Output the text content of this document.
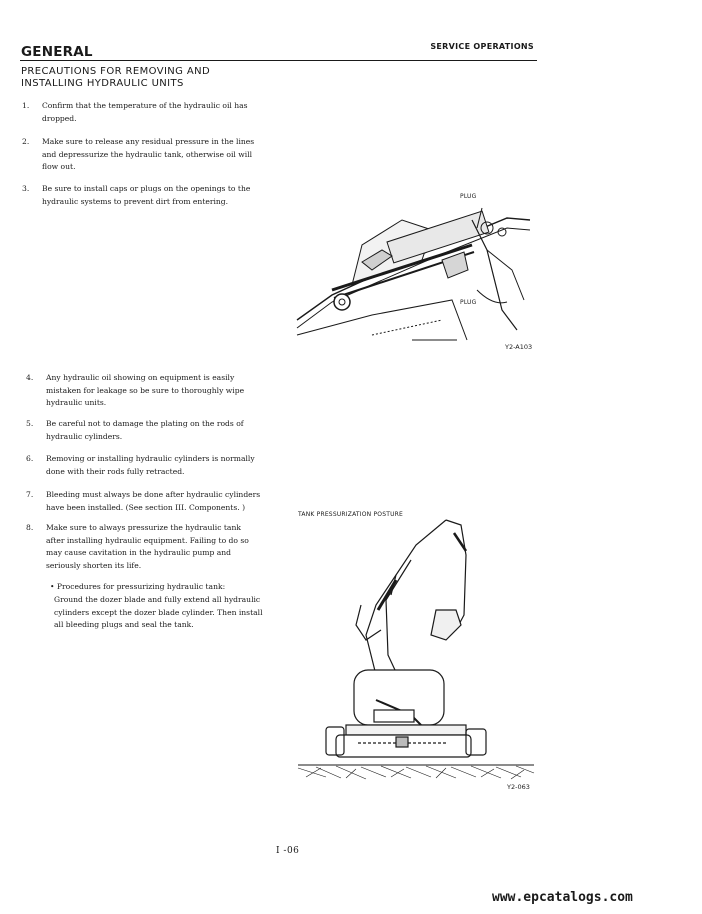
GENERAL	SERVICE OPERATIONS
PRECAUTIONS FOR REMOVING AND
INSTALLING HYDRAULIC UNITS
1. Confirm that the temperature of the hydraulic oil has
dropped.
2. Make sure to release any residual pressure in the lines
and depressurize the hydraulic tank, otherwise oil will
flow out.
3. Be sure to install caps or plugs on the openings to the
hydraulic systems to prevent dirt from entering.
4. Any hydraulic oil showing on equipment is easily
mistaken for leakage so be sure to thoroughly wipe
hydraulic units.
5. Be careful not to damage the plating on the rods of
hydraulic cylinders.
6. Removing or installing hydraulic cylinders is normally
done with their rods fully retracted.
7. Bleeding must always be done after hydraulic cylinders
have been installed. (See section III. Components. )
8. Make sure to always pressurize the hydraulic tank
after installing hydraulic equipment. Failing to do so
may cause cavitation in the hydraulic pump and
seriously shorten its life.
• Procedures for pressurizing hydraulic tank:
Ground the dozer blade and fully extend all hydraulic
cylinders except the dozer blade cylinder. Then install
all bleeding plugs and seal the tank.
PLUG
PLUG
Y2-A103
TANK PRESSURIZATION POSTURE
Y2-063
I -06
www.epcatalogs.com
